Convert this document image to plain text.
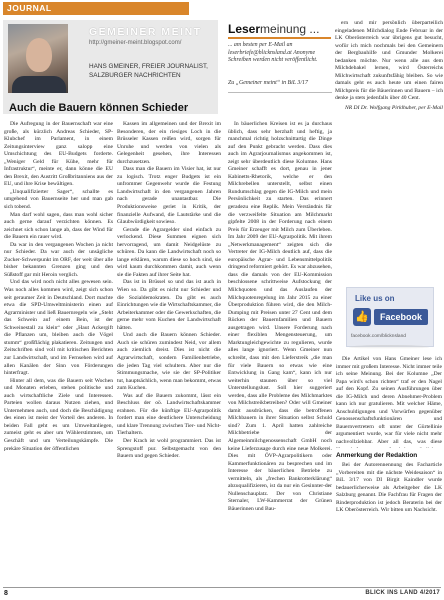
JOURNAL
GEMEINER MEINT
http://gmeiner-meint.blogspot.com/
HANS GMEINER, FREIER JOURNALIST, SALZBURGER NACHRICHTEN
Auch die Bauern können Schieder

Die Aufregung in der Bauernschaft war eine große, als kürzlich Andreas Schieder, SP-Klubchef im Parlament, in einem Zeitungsinterview ganz salopp eine Umschichtung des EU-Budgets forderte. „Weniger Geld für Kühe, mehr für Infrastruktur“, meinte er, dann könne die EU den Brexit, den Austritt Großbritanniens aus der EU, und ihre Krise bewältigen.

„Unqualifizierter Sager“, schallte es umgehend von Bauernseite her und man gab sich tobend.

Man darf wohl sagen, dass man wohl sicher auch gerne darauf verzichten können. Es zeichnet sich schon lange ab, dass der Wind für die Bauern ein rauer wird.

Da war in den vergangenen Wochen ja nicht nur Schieder. Da war auch der unsägliche Zucker-Schwerpunkt im ORF, der weit über alle bisher bekannten Grenzen ging und den Süßstoff gar mit Heroin verglich.

Und das wird noch nicht alles gewesen sein. Was noch alles kommen wird, zeigt sich schon seit geraumer Zeit in Deutschland. Dort machte etwa die SPD-Umweltministerin einen auf Agrarminister und ließ Bauernregeln wie „Steht das Schwein auf einem Bein, ist der Schweinestall zu klein“ oder „Haut Ackergift die Pflanzen um, bleiben auch die Vögel stumm“ großflächig plakatieren. Zeitungen und Zeitschriften sind voll mit kritischen Berichten zur Landwirtschaft, und im Fernsehen wird auf allen Kanälen der Sinn von Förderungen hinterfragt.

Hinter all dem, was die Bauern seit Wochen und Monaten erleben, stehen politische und auch wirtschaftliche Ziele und Interessen. Parteien wollen daraus Nutzen ziehen, und Unternehmen auch, und doch die Beschädigung des einen ist meist der Vorteil des anderen. In beiden Fall geht es um Umweltanliegen, zumeist geht es aber um Wählerstimmen, um Geschäft und um Verteilungskämpfe. Die prekäre Situation der öffentlichen

Kassen im allgemeinen und der Brexit im Besonderen, der ein riesiges Loch in die Brüsseler Kassen reißen wird, sorgen für Unruhe und werden von vielen als Gelegenheit gesehen, ihre Interessen durchzusetzen.

Dass man die Bauern im Visier hat, ist nur zu logisch. Trotz enger Budgets ist ein unfrommer Gegenwehr wurde die Festung Landwirtschaft in den vergangenen Jahren nach gerade unantastbar. Die Produktionsweise geriet in Kritik, der finanzielle Aufwand, die Lautstärke und die Glaubwürdigkeit sowieso.

Gerade die Agrargelder sind einfach zu verlockend. Diese Summen eignen sich hervorragend, um damit Neidgelüste zu schüren. Da kann die Landwirtschaft noch so lange erklären, warum diese so hoch sind, sie wird kaum durchkommen damit, auch wenn sie die Fakten auf ihrer Seite hat.

Das ist in Brüssel so und das ist auch in Wien so. Da gibt es nicht nur Schieder und die Sozialdemokraten. Da gibt es auch Einrichtungen wie die Wirtschaftskammer, die Arbeiterkammer oder die Gewerkschaften, die gerne mehr vom Kuchen der Landwirtschaft hätten.

Und auch die Bauern können Schieder. Auch sie schüren zumindest Neid, vor allem auch ziemlich dreist. Dies ist nicht die Agrarwirtschaft, sondern Familienbetriebe, die jeden Tag viel schultern. Aber nur die Stimmungsmache, wie sie der SP-Politiker tut, hauptsächlich, wenn man bekommt, etwas zum Kuchen.

Was auf die Bauern zukommt, lässt ein Beschluss der oö. Landwirtschaftskammer erahnen. Für die künftige EU-Agrarpolitik fordert man eine deutlichere Unterscheidung und klare Trennung zwischen Tier- und Nicht-Tierhaltern.

Der Krach ist wohl programmiert. Das ist Sprengstoff pur. Selbstgemacht von den Bauern und gegen Schieder.

Lesermeinung ...
... am besten per E-Mail an leserbriefe@blicknsland.at Anonyme Schreiben werden nicht veröffentlicht.
Zu „Gemeiner meint“ in BiL 3/17

In bäuerlichen Kreisen ist es ja durchaus üblich, dass sehr herzhaft und heftig, ja manchmal richtig holzschnittartig die Dinge auf den Punkt gebracht werden. Dass dies auch im Agrarjournalismus angekommen ist, zeigt sehr überdeutlich diese Kolumne. Hans Gmeiner schafft es dort, genau in jener Kabinetts-Rhetorik, welche er den Milchrebellen unterstellt, selbst einen Rundumschlag gegen die IG-Milch und mein Persönlichkeit zu starten. Das erinnert geradezu eine Replik. Mein Verständnis für die verzweifelte Situation am Milchmarkt gipfelte 2008 in der Forderung nach einem Preis für Erzeuger mit Milch zum Überleben. Im Jahr 2009 der EU-Agrarpolitik. Mit ihrem „Netwerkmanagement“ zeigten sich die Vertreter der IG-Milch deutlich auf, dass die europäische Agrar- und Lebensmittelpolitik dringend reformiert gehört. Es war abzusehen, dass die damals von der EU-Kommission beschlossene schrittweise Aufstockung der Milchquoten und das Auslaufen der Milchquotenregelung im Jahr 2015 zu einer Überproduktion führen wird, die den Milch-Dumping mit Preisen unter 27 Cent und dem Rücken der Bauernfamilien und Bauern ausgetragen wird. Unsere Forderung nach einer flexiblen Mengensteuerung, um Marktungleichgewichte zu regulieren, wurde alles lange ignoriert. Wenn Gmeiner nun schreibt, dass mit den Lieferstreik „die man für viele Bauern so etwas wie eine Entwicklung in Gang kam“, kann ich nur weiterhin staunen über so viel Unterstellungslust. Soll hier suggeriert werden, dass alle Probleme des Milchmarktes von Milchstreikbetreiben? Oder will Gmeiner damit ausdrücken, dass die betroffenen Milchbauern in ihrer Situation selbst Schuld sind? Zum 1. April hatten zahlreiche Milchbetriebe der Algemeinmilchgenossenschaft GmbH noch keine Lieferzusage durch eine neue Molkerei. Dies mit ÖVP-Agrarpolitikern oder Kammerfunktionären zu besprechen und im Interesse der bäuerlichen Betriebe zu vermitteln, als „frechen Bankrotterklärung“ abzuqualifizieren, ist da nur ein Gesinnter-der Nullenschauplatz. Der von Christiane Sternaler, LW-Kammerrat der Grünen Bäuerinnen und Bau-

ern und mir persönlich überparteilich eingeladenen Milchdialog Ende Februar in der LK Oberösterreich war übrigens gut besucht, wofür ich mich nochmals bei den Gemeinern der Bergbauhilfe und Gmunder Molkerei bedanken möchte. Nur wenn alle aus dem Milchdebakel lernen, wird Österreichs Milchwirtschaft zukunftsfähig bleiben. So wie damals geht es auch heute um einen fairen Milchpreis für die Bäuerinnen und Bauern – ich denke ja stets jedenfalls über 40 Cent.

NR DI Dr. Wolfgang Pirklhuber, per E-Mail
Like us on
👍	Facebook
facebook.com/blicknsland

Die Artikel von Hans Gmeiner lese ich immer mit großem Interesse. Nicht immer teile ich seine Meinung. Bei der Kolumne „Der Papa wird's schon richten“ traf er den Nagel auf den Kopf. Zu seinen Ausführungen über die IG-Milch und deren Abnehmer-Problem kann ich nur gratulieren. Mit welcher Häme, Anschuldigungen und Vorwürfen gegenüber Genossenschaftsfunktionären und Bauernvertretern oft unter der Gürtellinie argumentiert wurde, war für viele nicht mehr nachvollziehbar. Aber all das, was diese

Anmerkung der Redaktion

Bei der Autorennennung des Facharticle „Vorbereiten mit die nächste Weidesaison“ in BiL 3/17 von DI Birgit Kaindler wurde bedauerlicherweise als Arbeitgeber die LK Salzburg genannt. Die Fachfrau für Fragen der Rinderproduktion ist jedoch Beraterin bei der LK Oberösterreich. Wir bitten um Nachsicht.

8	BLICK INS LAND 4/2017
